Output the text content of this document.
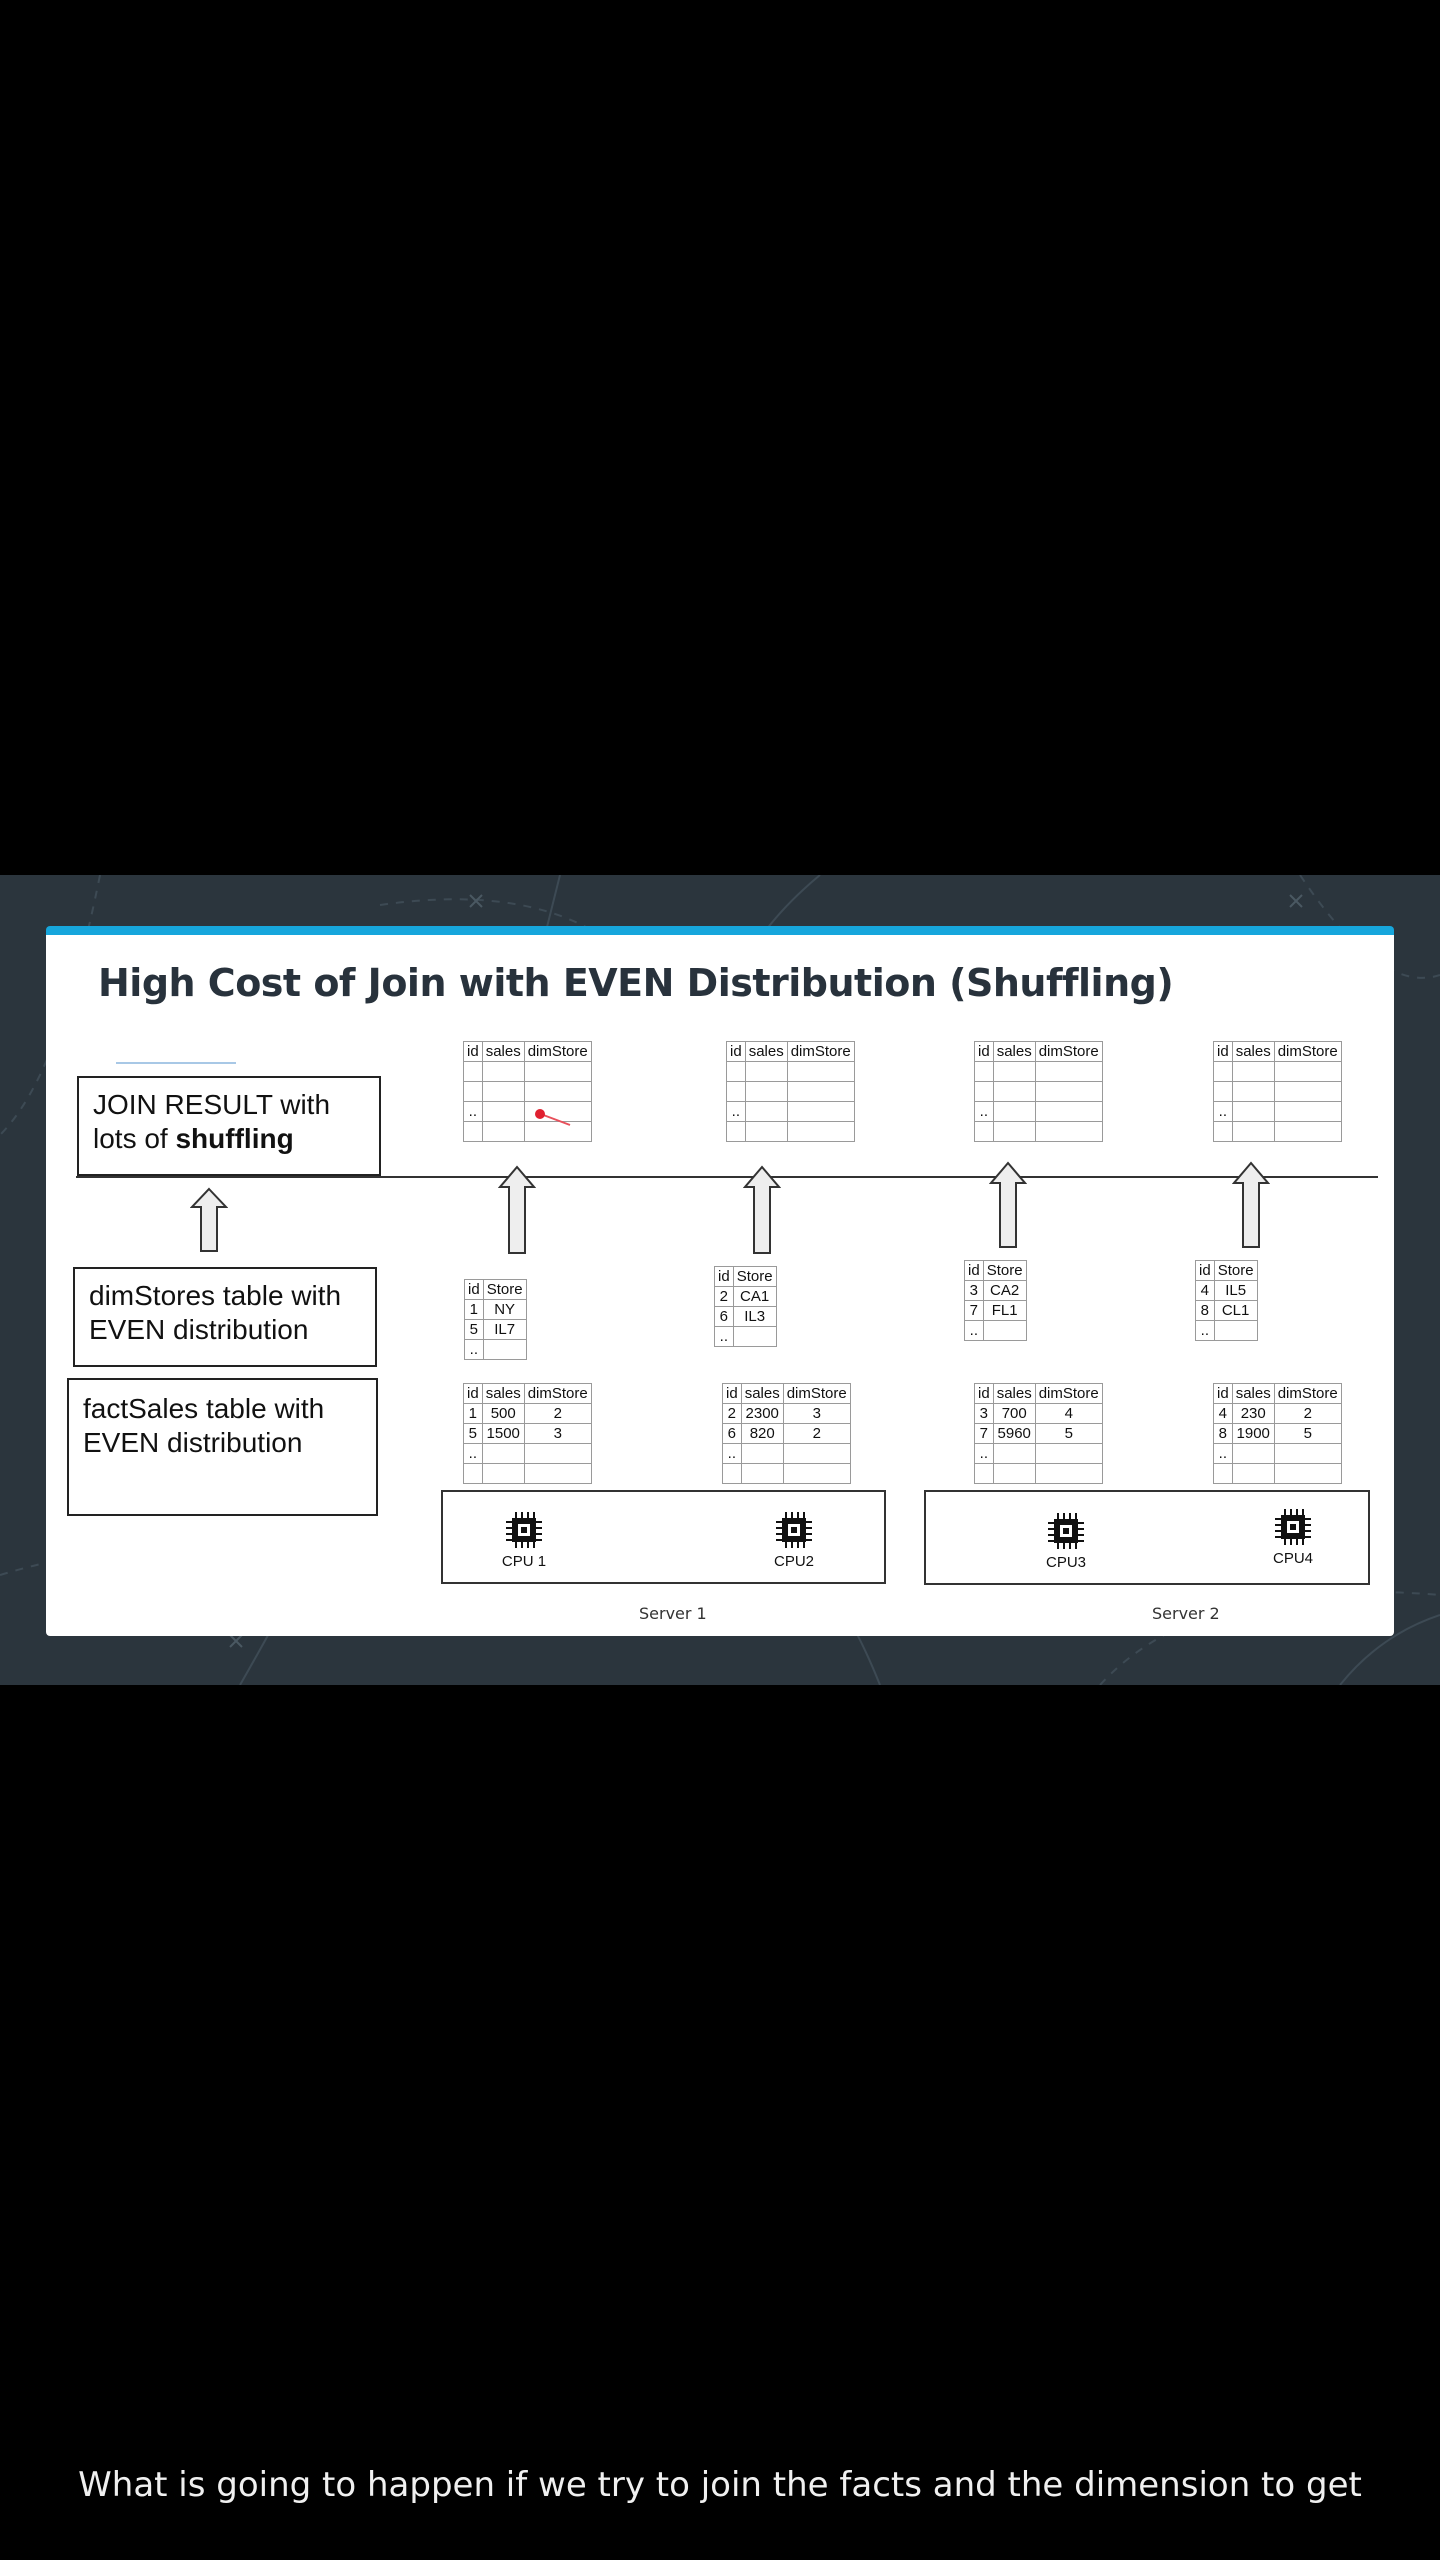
High Cost of Join with EVEN Distribution (Shuffling)
JOIN RESULT with
lots of shuffling
dimStores table with
EVEN distribution
factSales table with
EVEN distribution
id	sales	dimStore

..		

id	sales	dimStore

..		

id	sales	dimStore

..		

id	sales	dimStore

..		

id	Store
1	NY
5	IL7
..	
id	Store
2	CA1
6	IL3
..	
id	Store
3	CA2
7	FL1
..	
id	Store
4	IL5
8	CL1
..	
id	sales	dimStore
1	500	2
5	1500	3
..		

id	sales	dimStore
2	2300	3
6	820	2
..		

id	sales	dimStore
3	700	4
7	5960	5
..		

id	sales	dimStore
4	230	2
8	1900	5
..		

CPU 1	CPU2	CPU3	CPU4
Server 1	Server 2
What is going to happen if we try to join the facts and the dimension to get
